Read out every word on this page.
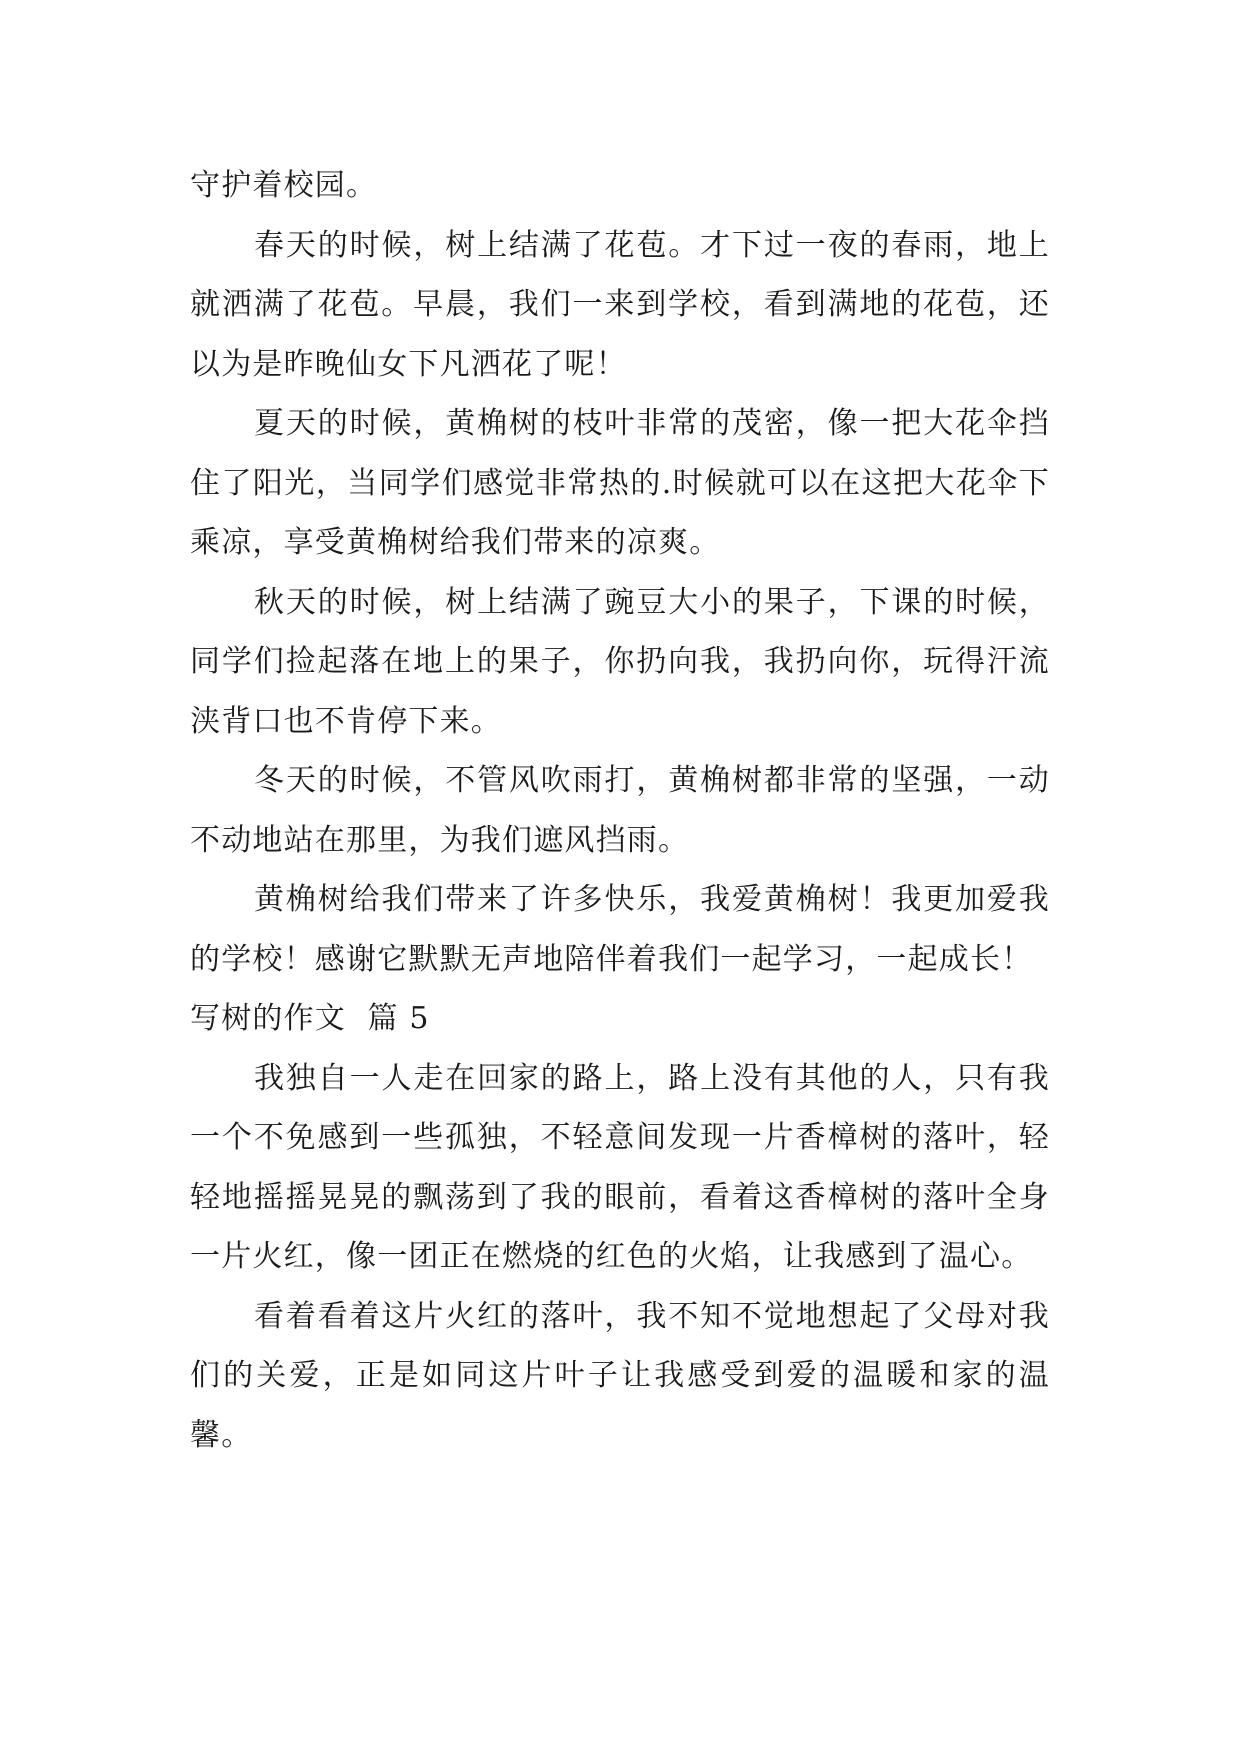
守护着校园。

春天的时候，树上结满了花苞。才下过一夜的春雨，地上就洒满了花苞。早晨，我们一来到学校，看到满地的花苞，还以为是昨晚仙女下凡洒花了呢！

夏天的时候，黄桷树的枝叶非常的茂密，像一把大花伞挡住了阳光，当同学们感觉非常热的.时候就可以在这把大花伞下乘凉，享受黄桷树给我们带来的凉爽。

秋天的时候，树上结满了豌豆大小的果子，下课的时候，同学们捡起落在地上的果子，你扔向我，我扔向你，玩得汗流浃背口也不肯停下来。

冬天的时候，不管风吹雨打，黄桷树都非常的坚强，一动不动地站在那里，为我们遮风挡雨。

黄桷树给我们带来了许多快乐，我爱黄桷树！我更加爱我的学校！感谢它默默无声地陪伴着我们一起学习，一起成长！

写树的作文  篇 5

我独自一人走在回家的路上，路上没有其他的人，只有我一个不免感到一些孤独，不轻意间发现一片香樟树的落叶，轻轻地摇摇晃晃的飘荡到了我的眼前，看着这香樟树的落叶全身一片火红，像一团正在燃烧的红色的火焰，让我感到了温心。

看着看着这片火红的落叶，我不知不觉地想起了父母对我们的关爱，正是如同这片叶子让我感受到爱的温暖和家的温馨。
